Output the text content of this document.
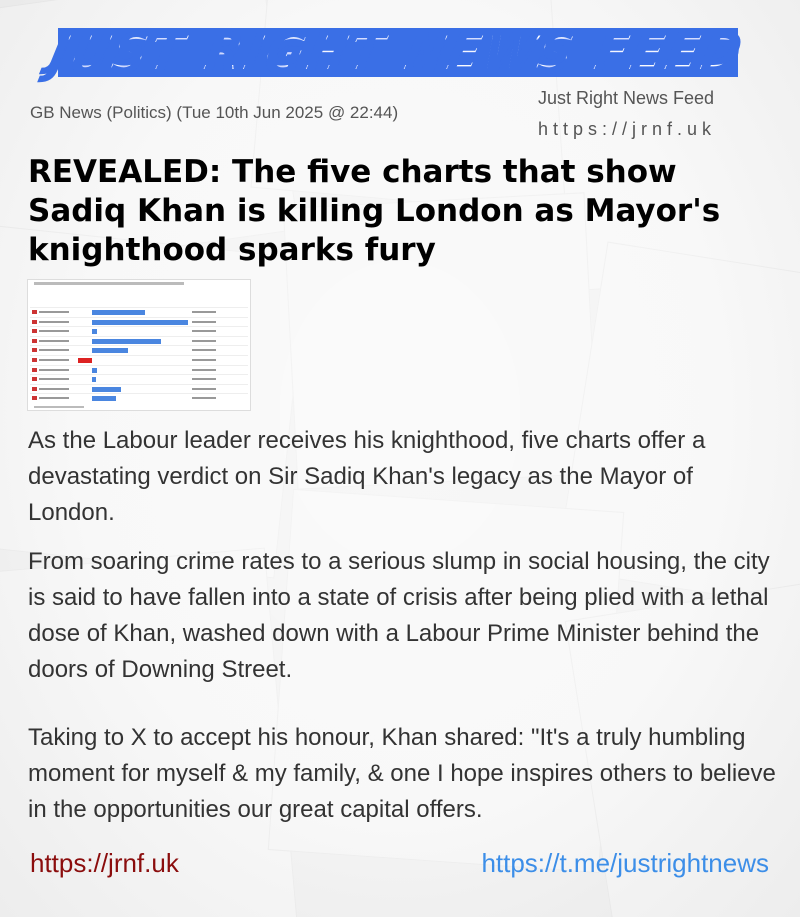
JUST RIGHT NEWS FEED
GB News (Politics) (Tue 10th Jun 2025 @ 22:44)
Just Right News Feed
https://jrnf.uk
REVEALED: The five charts that show Sadiq Khan is killing London as Mayor's knighthood sparks fury

As the Labour leader receives his knighthood, five charts offer a devastating verdict on Sir Sadiq Khan's legacy as the Mayor of London.

From soaring crime rates to a serious slump in social housing, the city is said to have fallen into a state of crisis after being plied with a lethal dose of Khan, washed down with a Labour Prime Minister behind the doors of Downing Street.

Taking to X to accept his honour, Khan shared: "It's a truly humbling moment for myself & my family, & one I hope inspires others to believe in the opportunities our great capital offers.

https://jrnf.uk	https://t.me/justrightnews
